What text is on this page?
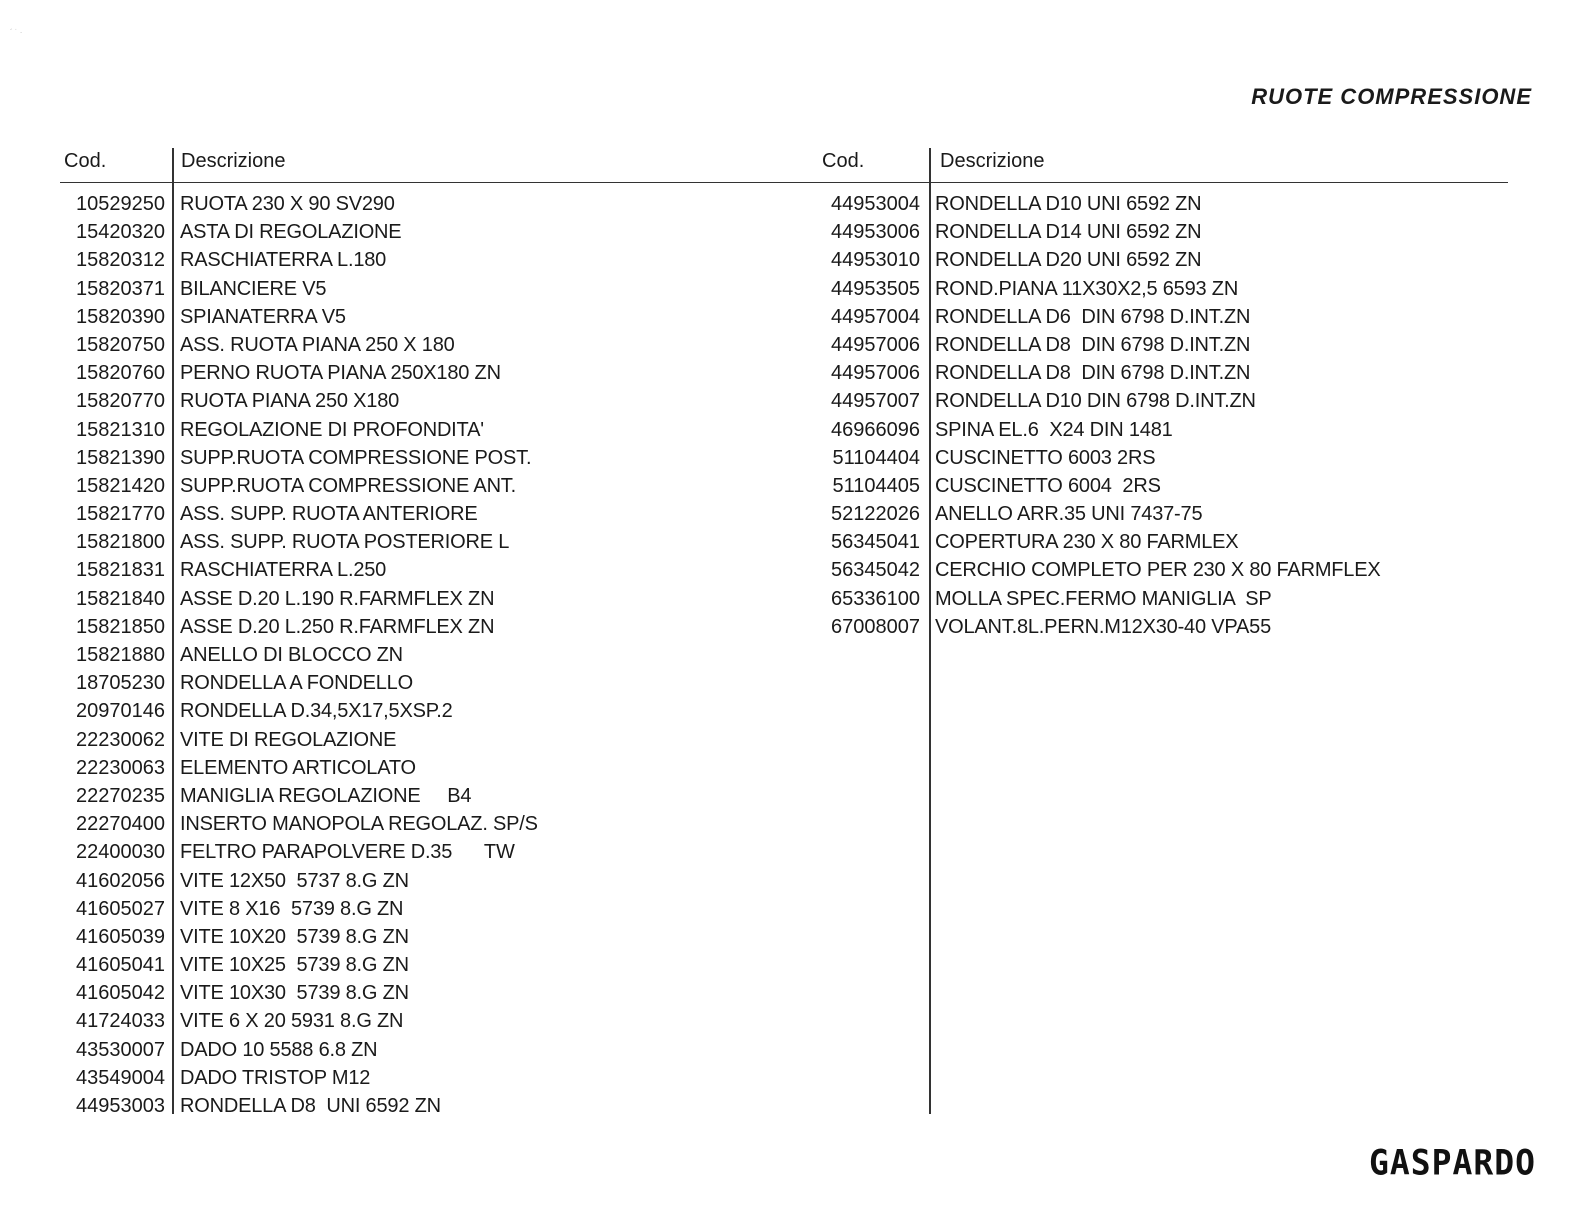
´ ˙ ·
RUOTE COMPRESSIONE
Cod.	Descrizione	Cod.	Descrizione
10529250 RUOTA 230 X 90 SV290
15420320 ASTA DI REGOLAZIONE
15820312 RASCHIATERRA L.180
15820371 BILANCIERE V5
15820390 SPIANATERRA V5
15820750 ASS. RUOTA PIANA 250 X 180
15820760 PERNO RUOTA PIANA 250X180 ZN
15820770 RUOTA PIANA 250 X180
15821310 REGOLAZIONE DI PROFONDITA'
15821390 SUPP.RUOTA COMPRESSIONE POST.
15821420 SUPP.RUOTA COMPRESSIONE ANT.
15821770 ASS. SUPP. RUOTA ANTERIORE
15821800 ASS. SUPP. RUOTA POSTERIORE L
15821831 RASCHIATERRA L.250
15821840 ASSE D.20 L.190 R.FARMFLEX ZN
15821850 ASSE D.20 L.250 R.FARMFLEX ZN
15821880 ANELLO DI BLOCCO ZN
18705230 RONDELLA A FONDELLO
20970146 RONDELLA D.34,5X17,5XSP.2
22230062 VITE DI REGOLAZIONE
22230063 ELEMENTO ARTICOLATO
22270235 MANIGLIA REGOLAZIONE     B4
22270400 INSERTO MANOPOLA REGOLAZ. SP/S
22400030 FELTRO PARAPOLVERE D.35      TW
41602056 VITE 12X50  5737 8.G ZN
41605027 VITE 8 X16  5739 8.G ZN
41605039 VITE 10X20  5739 8.G ZN
41605041 VITE 10X25  5739 8.G ZN
41605042 VITE 10X30  5739 8.G ZN
41724033 VITE 6 X 20 5931 8.G ZN
43530007 DADO 10 5588 6.8 ZN
43549004 DADO TRISTOP M12
44953003 RONDELLA D8  UNI 6592 ZN
44953004 RONDELLA D10 UNI 6592 ZN
44953006 RONDELLA D14 UNI 6592 ZN
44953010 RONDELLA D20 UNI 6592 ZN
44953505 ROND.PIANA 11X30X2,5 6593 ZN
44957004 RONDELLA D6  DIN 6798 D.INT.ZN
44957006 RONDELLA D8  DIN 6798 D.INT.ZN
44957006 RONDELLA D8  DIN 6798 D.INT.ZN
44957007 RONDELLA D10 DIN 6798 D.INT.ZN
46966096 SPINA EL.6  X24 DIN 1481
51104404 CUSCINETTO 6003 2RS
51104405 CUSCINETTO 6004  2RS
52122026 ANELLO ARR.35 UNI 7437-75
56345041 COPERTURA 230 X 80 FARMLEX
56345042 CERCHIO COMPLETO PER 230 X 80 FARMFLEX
65336100 MOLLA SPEC.FERMO MANIGLIA  SP
67008007 VOLANT.8L.PERN.M12X30-40 VPA55
GASPARDO
